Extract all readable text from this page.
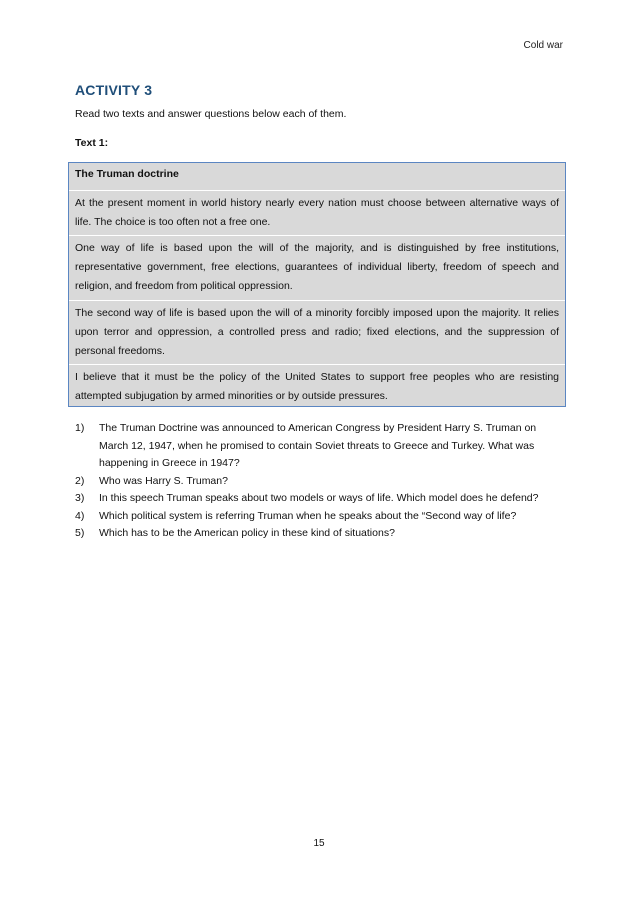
Cold war
ACTIVITY 3
Read two texts and answer questions below each of them.
Text 1:
The Truman doctrine
At the present moment in world history nearly every nation must choose between alternative ways of life. The choice is too often not a free one.
One way of life is based upon the will of the majority, and is distinguished by free institutions, representative government, free elections, guarantees of individual liberty, freedom of speech and religion, and freedom from political oppression.
The second way of life is based upon the will of a minority forcibly imposed upon the majority. It relies upon terror and oppression, a controlled press and radio; fixed elections, and the suppression of personal freedoms.
I believe that it must be the policy of the United States to support free peoples who are resisting attempted subjugation by armed minorities or by outside pressures.
1) The Truman Doctrine was announced to American Congress by President Harry S. Truman on March 12, 1947, when he promised to contain Soviet threats to Greece and Turkey. What was happening in Greece in 1947?
2) Who was Harry S. Truman?
3) In this speech Truman speaks about two models or ways of life. Which model does he defend?
4) Which political system is referring Truman when he speaks about the “Second way of life?
5) Which has to be the American policy in these kind of situations?
15
